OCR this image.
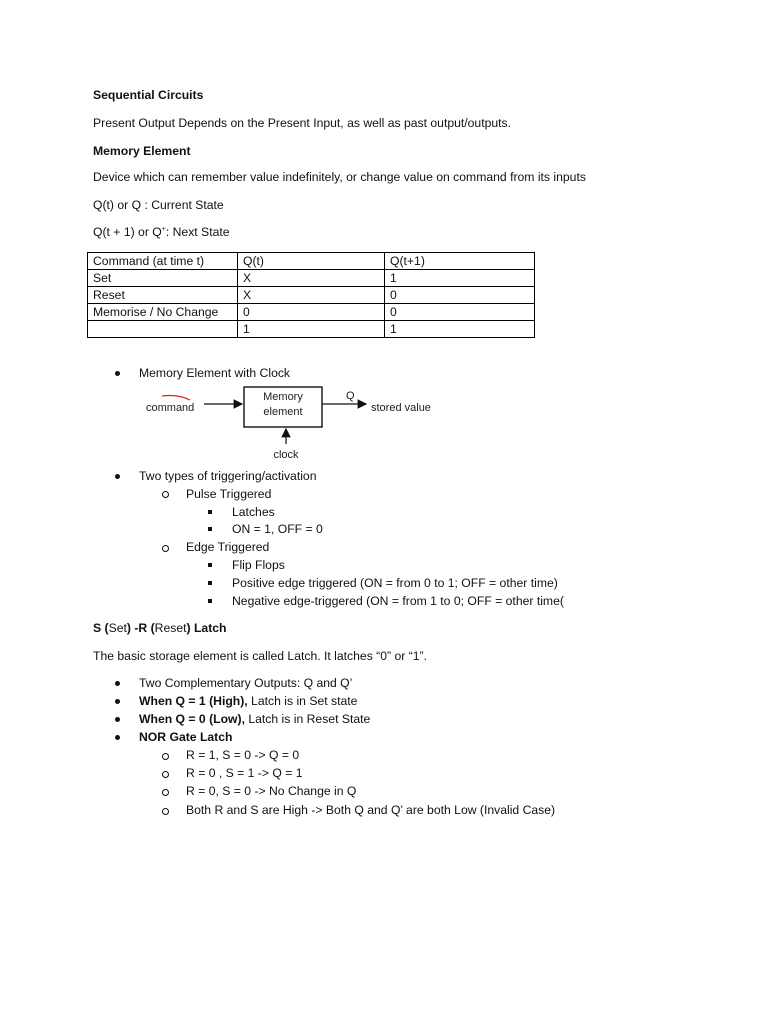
Sequential Circuits
Present Output Depends on the Present Input, as well as past output/outputs.
Memory Element
Device which can remember value indefinitely, or change value on command from its inputs
Q(t) or Q : Current State
Q(t + 1) or Q+: Next State
Command (at time t)	Q(t)	Q(t+1)
Set	X	1
Reset	X	0
Memorise / No Change	0	0
	1	1
Memory Element with Clock
command
Memory
element
Q
stored value
clock
Two types of triggering/activation
Pulse Triggered
Latches
ON = 1, OFF = 0
Edge Triggered
Flip Flops
Positive edge triggered (ON = from 0 to 1; OFF = other time)
Negative edge-triggered (ON = from 1 to 0; OFF = other time(
S (Set) -R (Reset) Latch
The basic storage element is called Latch. It latches “0” or “1”.
Two Complementary Outputs: Q and Q’
When Q = 1 (High), Latch is in Set state
When Q = 0 (Low), Latch is in Reset State
NOR Gate Latch
R = 1, S = 0 -> Q = 0
R = 0 , S = 1 -> Q = 1
R = 0, S = 0 -> No Change in Q
Both R and S are High -> Both Q and Q’ are both Low (Invalid Case)
